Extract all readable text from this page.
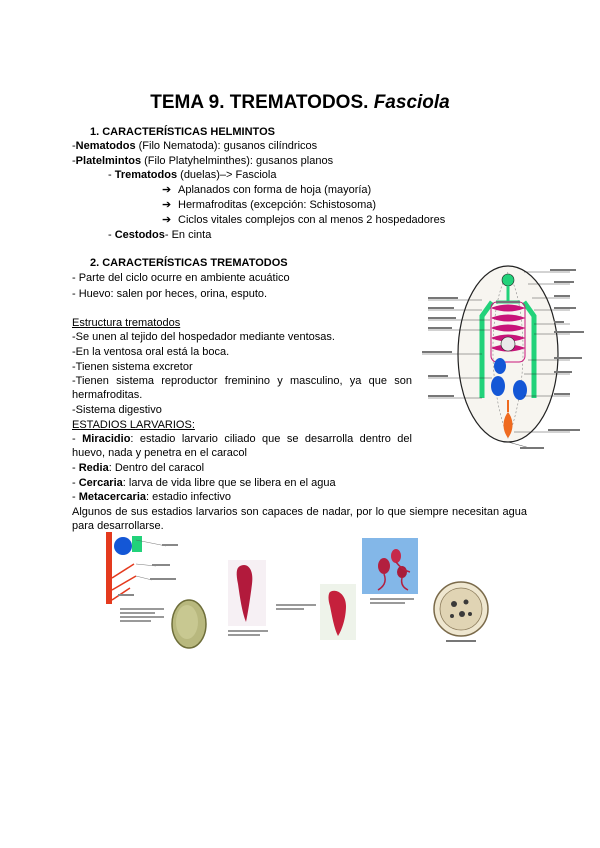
TEMA 9. TREMATODOS. Fasciola
1. CARACTERÍSTICAS HELMINTOS
-Nematodos (Filo Nematoda): gusanos cilíndricos
-Platelmintos (Filo Platyhelminthes): gusanos planos
- Trematodos (duelas)–> Fasciola
➔ Aplanados con forma de hoja (mayoría)
➔ Hermafroditas (excepción: Schistosoma)
➔ Ciclos vitales complejos con al menos 2 hospedadores
- Cestodos- En cinta
2. CARACTERÍSTICAS TREMATODOS
- Parte del ciclo ocurre en ambiente acuático
- Huevo: salen por heces, orina, esputo.
Estructura trematodos
-Se unen al tejido del hospedador mediante ventosas.
-En la ventosa oral está la boca.
-Tienen sistema excretor
-Tienen sistema reproductor freminino y masculino, ya que son hermafroditas.
-Sistema digestivo
ESTADIOS LARVARIOS:
- Miracidio: estadio larvario ciliado que se desarrolla dentro del huevo, nada y penetra en el caracol
- Redia: Dentro del caracol
- Cercaria: larva de vida libre que se libera en el agua
- Metacercaria: estadio infectivo
Algunos de sus estadios larvarios son capaces de nadar, por lo que siempre necesitan agua para desarrollarse.
